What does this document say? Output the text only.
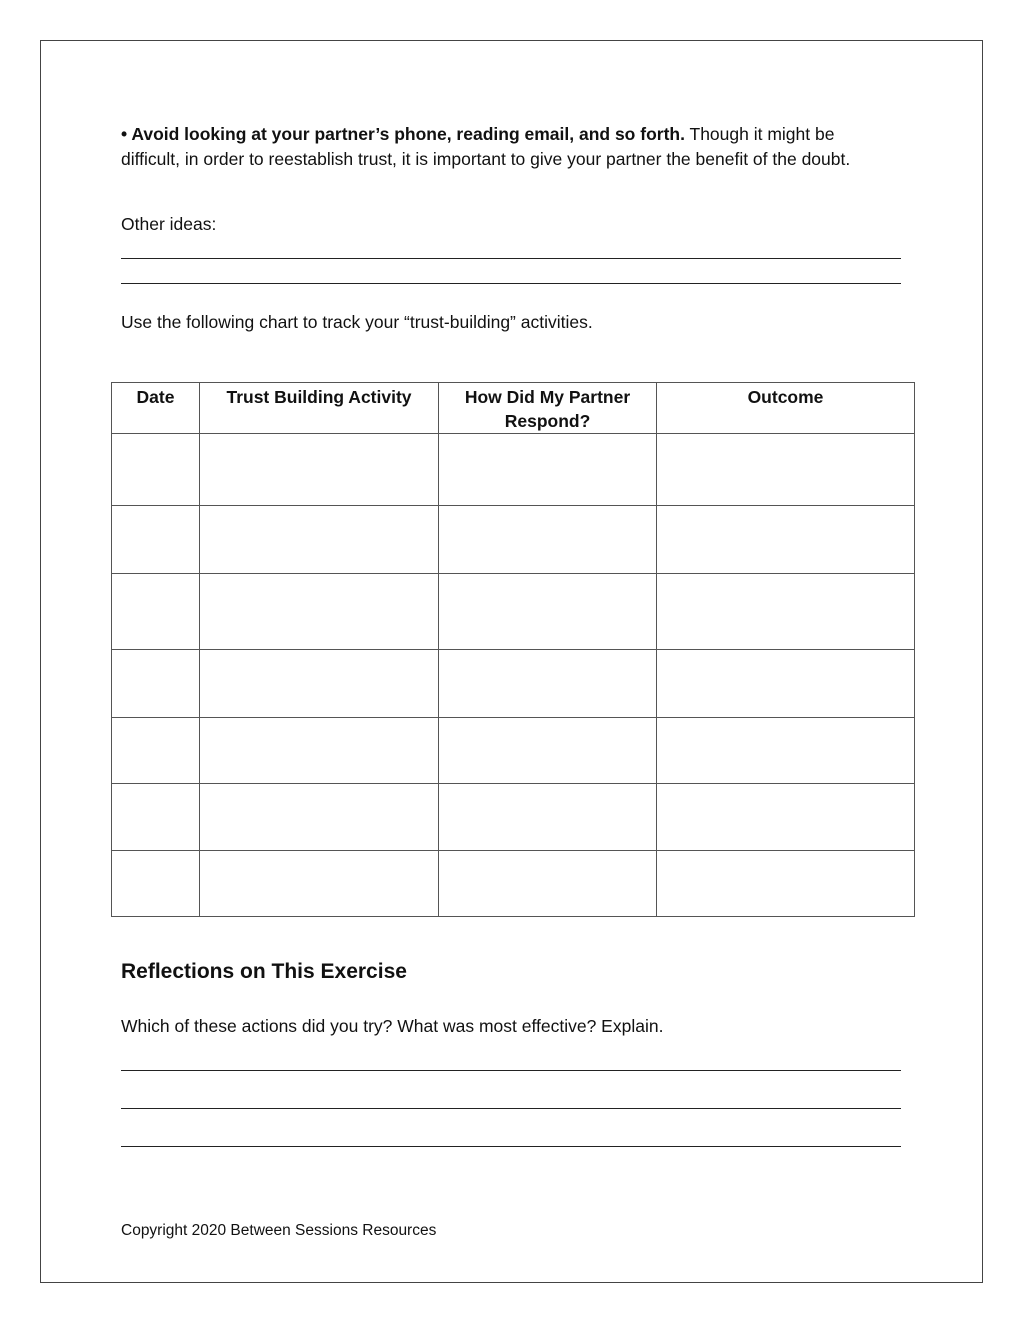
• Avoid looking at your partner’s phone, reading email, and so forth. Though it might be difficult, in order to reestablish trust, it is important to give your partner the benefit of the doubt.

Other ideas:

Use the following chart to track your “trust-building” activities.

Date	Trust Building Activity	How Did My Partner Respond?	Outcome

Reflections on This Exercise

Which of these actions did you try? What was most effective? Explain.

Copyright 2020 Between Sessions Resources
